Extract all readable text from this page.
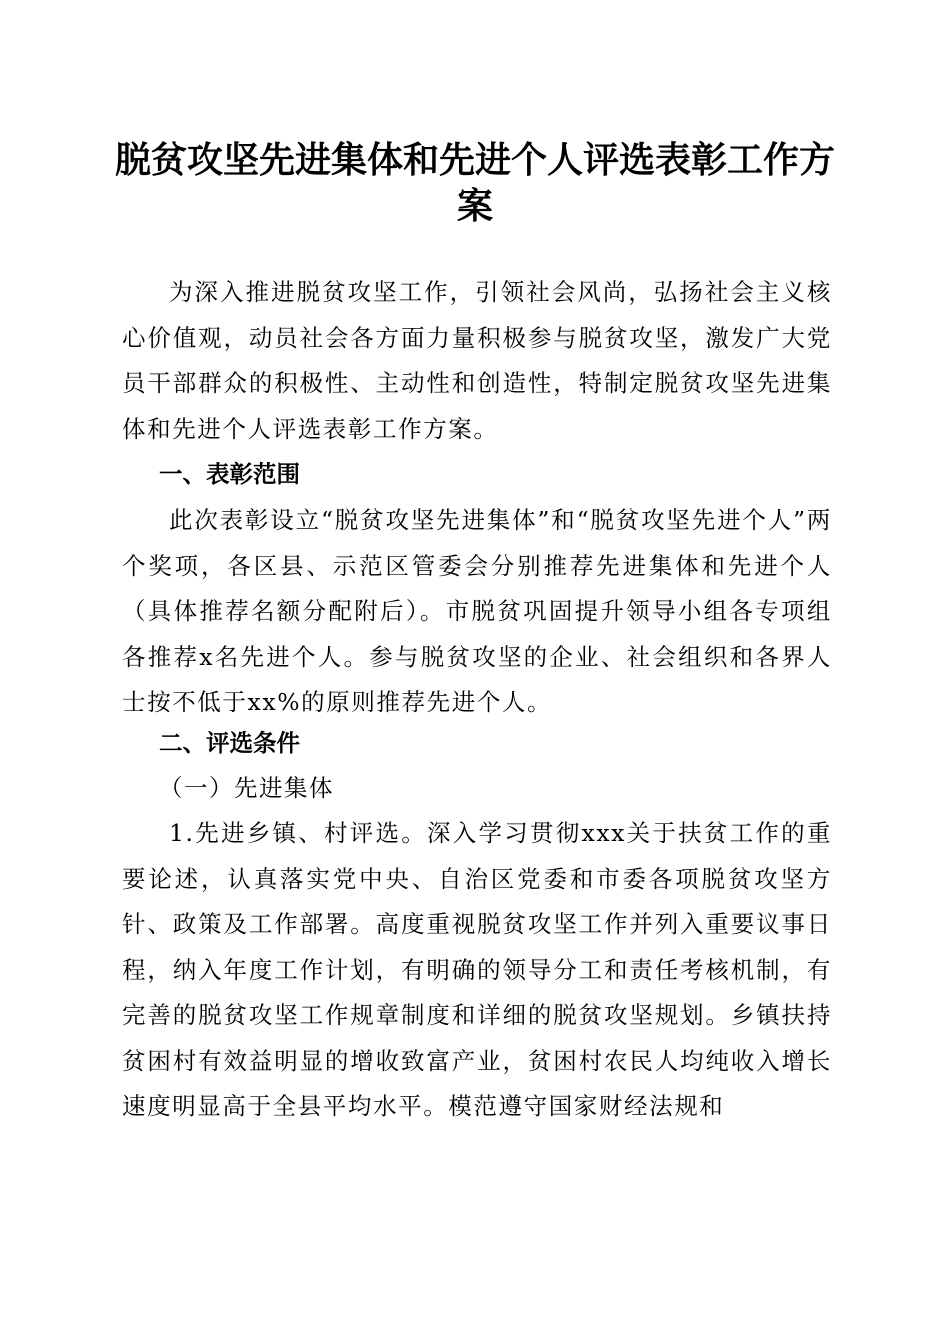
脱贫攻坚先进集体和先进个人评选表彰工作方案
为深入推进脱贫攻坚工作，引领社会风尚，弘扬社会主义核心价值观，动员社会各方面力量积极参与脱贫攻坚，激发广大党员干部群众的积极性、主动性和创造性，特制定脱贫攻坚先进集体和先进个人评选表彰工作方案。
一、表彰范围
此次表彰设立“脱贫攻坚先进集体”和“脱贫攻坚先进个人”两个奖项，各区县、示范区管委会分别推荐先进集体和先进个人（具体推荐名额分配附后）。市脱贫巩固提升领导小组各专项组各推荐x名先进个人。参与脱贫攻坚的企业、社会组织和各界人士按不低于xx%的原则推荐先进个人。
二、评选条件
（一）先进集体
1.先进乡镇、村评选。深入学习贯彻xxx关于扶贫工作的重要论述，认真落实党中央、自治区党委和市委各项脱贫攻坚方针、政策及工作部署。高度重视脱贫攻坚工作并列入重要议事日程，纳入年度工作计划，有明确的领导分工和责任考核机制，有完善的脱贫攻坚工作规章制度和详细的脱贫攻坚规划。乡镇扶持贫困村有效益明显的增收致富产业，贫困村农民人均纯收入增长速度明显高于全县平均水平。模范遵守国家财经法规和
